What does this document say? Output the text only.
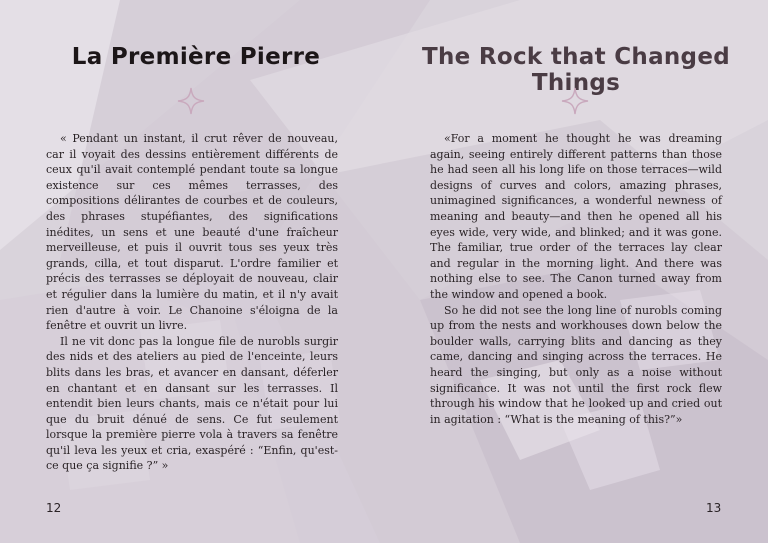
La Première Pierre

« Pendant un instant, il crut rêver de nouveau, car il voyait des dessins entièrement différents de ceux qu'il avait contemplé pendant toute sa longue existence sur ces mêmes terrasses, des compositions délirantes de courbes et de couleurs, des phrases stupéfiantes, des significations inédites, un sens et une beauté d'une fraîcheur merveilleuse, et puis il ouvrit tous ses yeux très grands, cilla, et tout disparut. L'ordre familier et précis des terrasses se déployait de nouveau, clair et régulier dans la lumière du matin, et il n'y avait rien d'autre à voir. Le Chanoine s'éloigna de la fenêtre et ouvrit un livre.

Il ne vit donc pas la longue file de nurobls surgir des nids et des ateliers au pied de l'enceinte, leurs blits dans les bras, et avancer en dansant, déferler en chantant et en dansant sur les terrasses. Il entendit bien leurs chants, mais ce n'était pour lui que du bruit dénué de sens. Ce fut seulement lorsque la première pierre vola à travers sa fenêtre qu'il leva les yeux et cria, exaspéré : “Enfin, qu'est-ce que ça signifie ?” »

12
The Rock that Changed Things

«For a moment he thought he was dreaming again, seeing entirely different patterns than those he had seen all his long life on those terraces—wild designs of curves and colors, amazing phrases, unimagined significances, a wonderful newness of meaning and beauty—and then he opened all his eyes wide, very wide, and blinked; and it was gone. The familiar, true order of the terraces lay clear and regular in the morning light. And there was nothing else to see. The Canon turned away from the window and opened a book.

So he did not see the long line of nurobls coming up from the nests and workhouses down below the boulder walls, carrying blits and dancing as they came, dancing and singing across the terraces. He heard the singing, but only as a noise without significance. It was not until the first rock flew through his window that he looked up and cried out in agitation : “What is the meaning of this?”»

13
